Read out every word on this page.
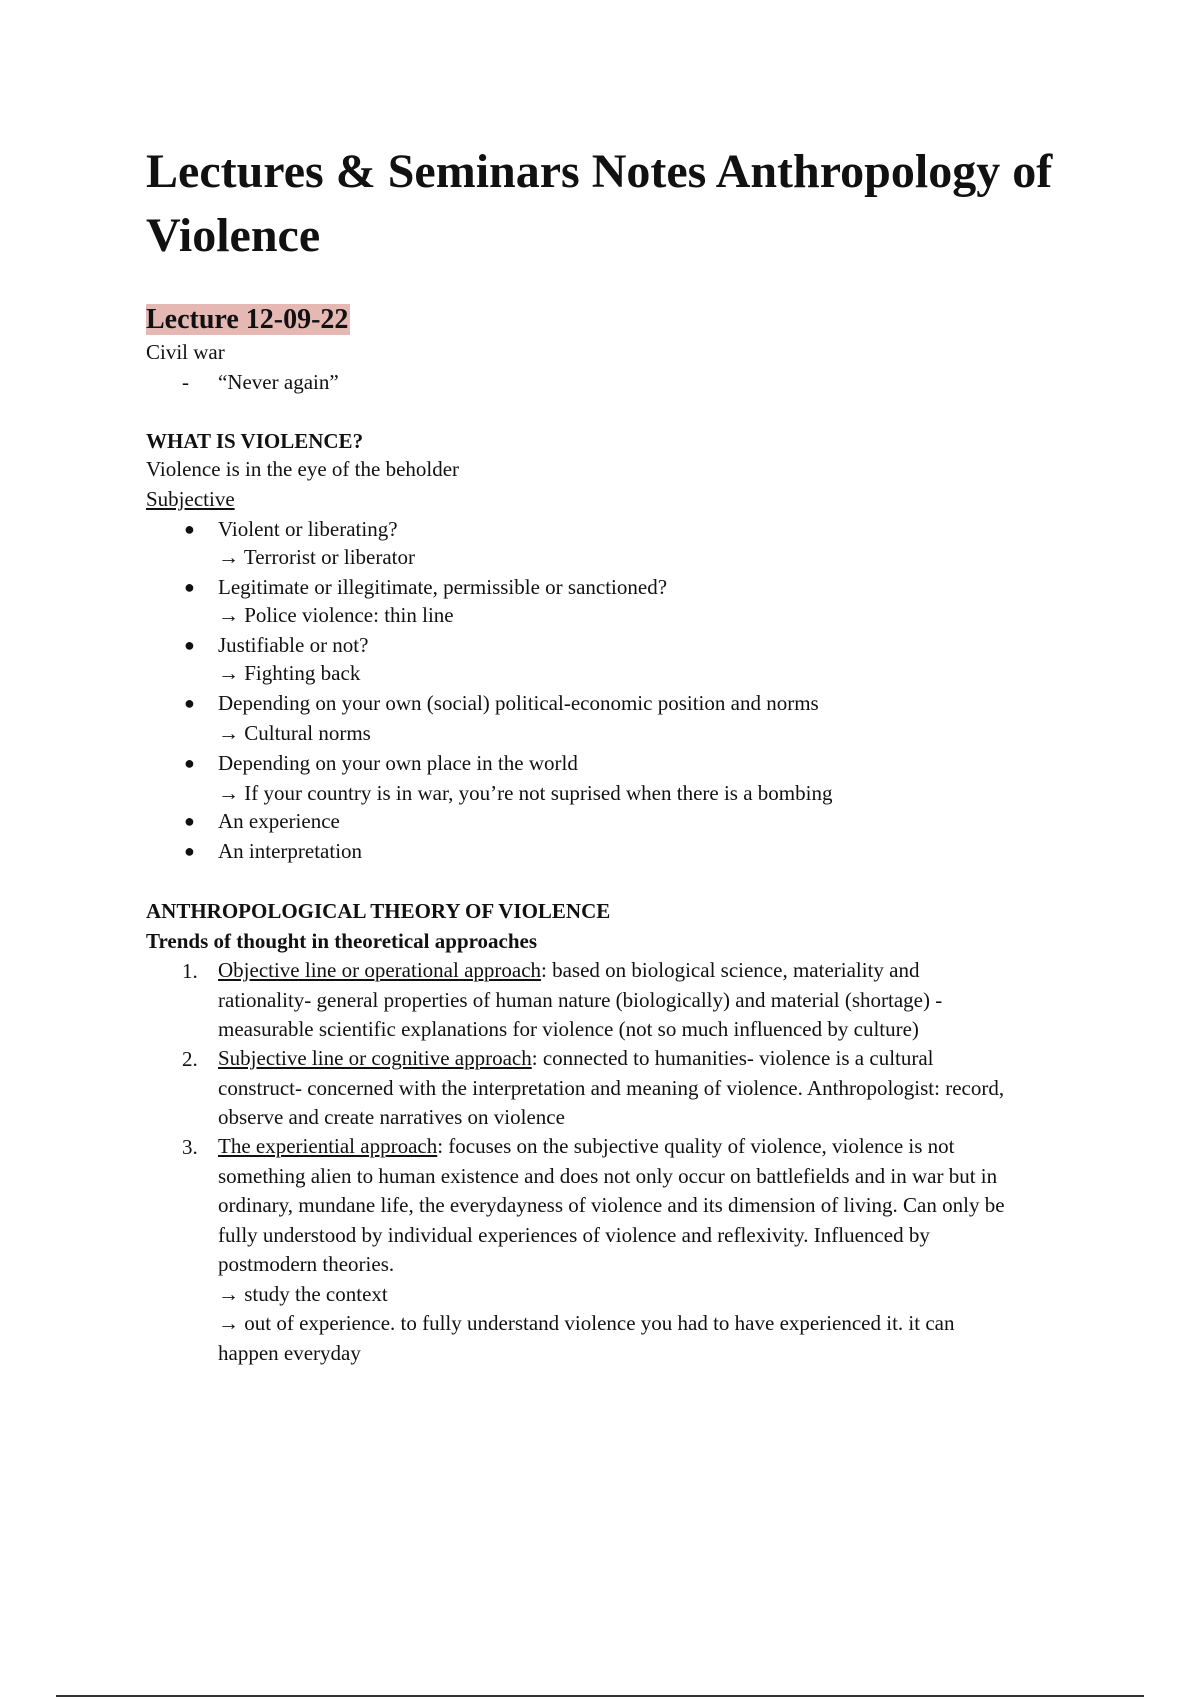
Lectures & Seminars Notes Anthropology of Violence
Lecture 12-09-22

Civil war

- “Never again”

WHAT IS VIOLENCE?

Violence is in the eye of the beholder

Subjective

● Violent or liberating?

→ Terrorist or liberator

● Legitimate or illegitimate, permissible or sanctioned?

→ Police violence: thin line

● Justifiable or not?

→ Fighting back

● Depending on your own (social) political-economic position and norms

→ Cultural norms

● Depending on your own place in the world

→ If your country is in war, you’re not suprised when there is a bombing

● An experience

● An interpretation

ANTHROPOLOGICAL THEORY OF VIOLENCE

Trends of thought in theoretical approaches

1. Objective line or operational approach: based on biological science, materiality and
rationality- general properties of human nature (biologically) and material (shortage) -
measurable scientific explanations for violence (not so much influenced by culture)

2. Subjective line or cognitive approach: connected to humanities- violence is a cultural
construct- concerned with the interpretation and meaning of violence. Anthropologist: record,
observe and create narratives on violence

3. The experiential approach: focuses on the subjective quality of violence, violence is not
something alien to human existence and does not only occur on battlefields and in war but in
ordinary, mundane life, the everydayness of violence and its dimension of living. Can only be
fully understood by individual experiences of violence and reflexivity. Influenced by
postmodern theories.
→ study the context
→ out of experience. to fully understand violence you had to have experienced it. it can
happen everyday
